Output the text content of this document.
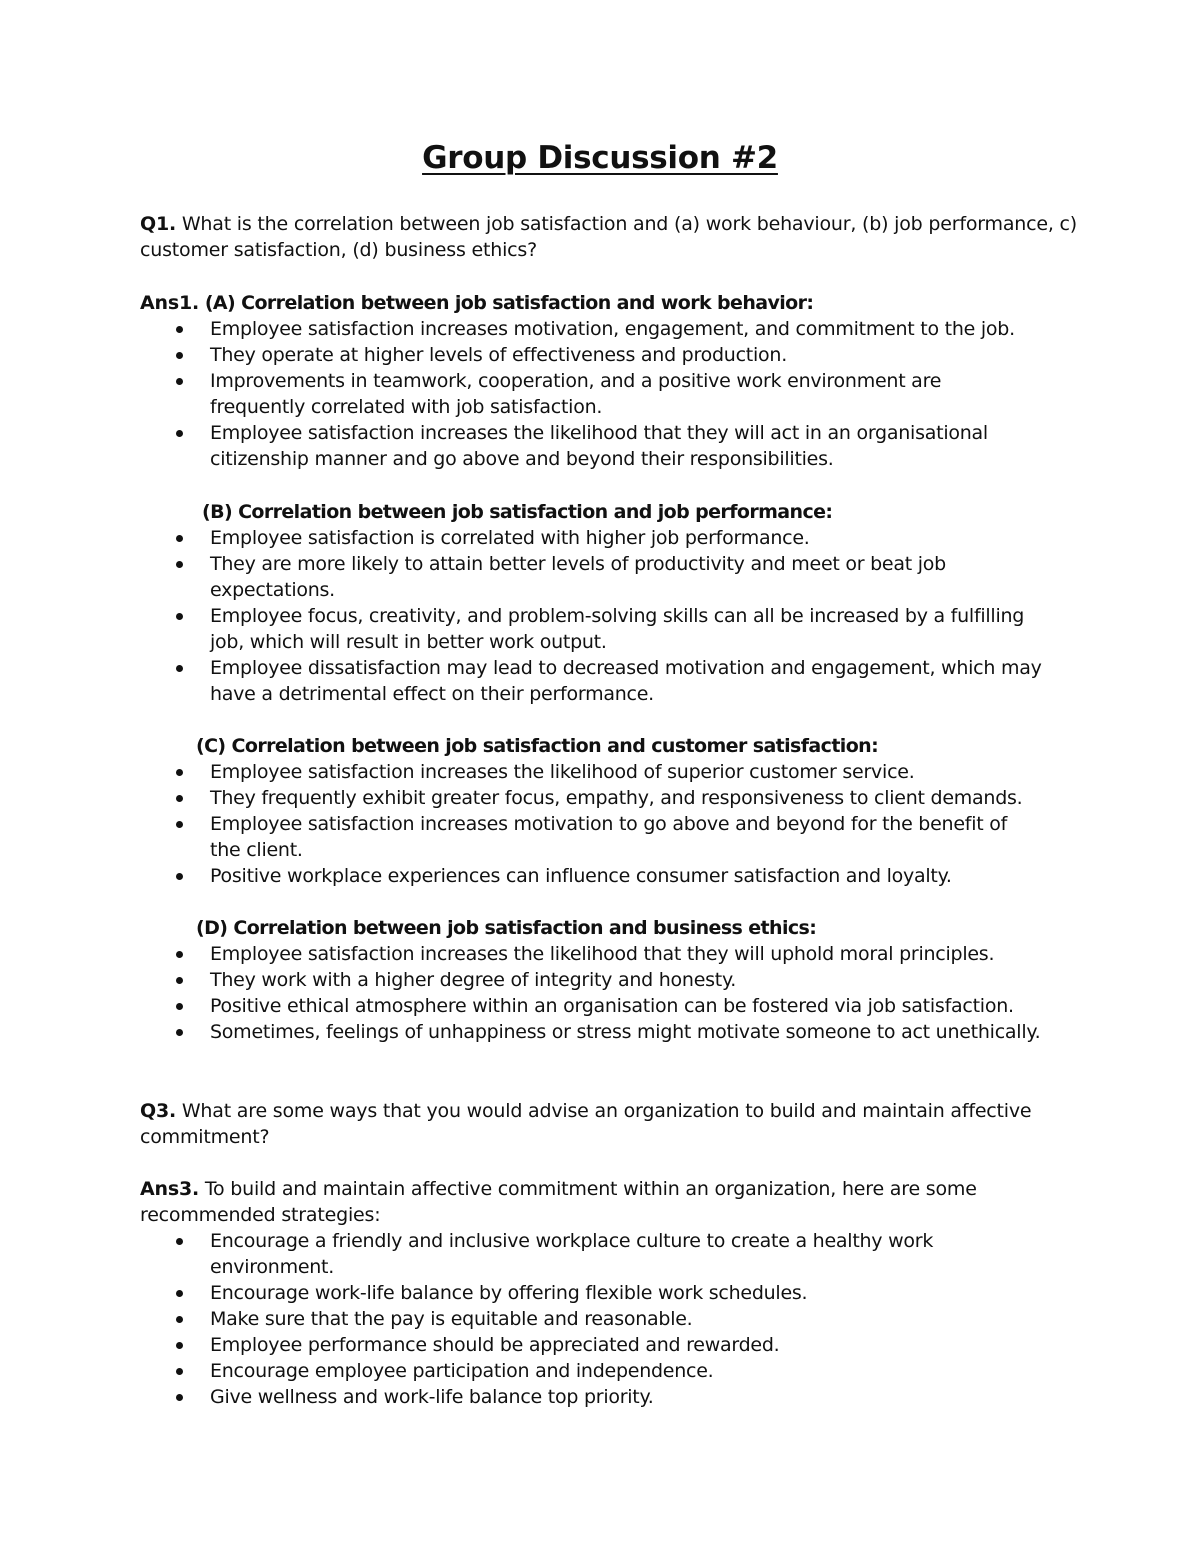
Group Discussion #2
Q1. What is the correlation between job satisfaction and (a) work behaviour, (b) job performance, c) customer satisfaction, (d) business ethics?
Ans1. (A) Correlation between job satisfaction and work behavior:
Employee satisfaction increases motivation, engagement, and commitment to the job.
They operate at higher levels of effectiveness and production.
Improvements in teamwork, cooperation, and a positive work environment are frequently correlated with job satisfaction.
Employee satisfaction increases the likelihood that they will act in an organisational citizenship manner and go above and beyond their responsibilities.
(B) Correlation between job satisfaction and job performance:
Employee satisfaction is correlated with higher job performance.
They are more likely to attain better levels of productivity and meet or beat job expectations.
Employee focus, creativity, and problem-solving skills can all be increased by a fulfilling job, which will result in better work output.
Employee dissatisfaction may lead to decreased motivation and engagement, which may have a detrimental effect on their performance.
(C) Correlation between job satisfaction and customer satisfaction:
Employee satisfaction increases the likelihood of superior customer service.
They frequently exhibit greater focus, empathy, and responsiveness to client demands.
Employee satisfaction increases motivation to go above and beyond for the benefit of the client.
Positive workplace experiences can influence consumer satisfaction and loyalty.
(D) Correlation between job satisfaction and business ethics:
Employee satisfaction increases the likelihood that they will uphold moral principles.
They work with a higher degree of integrity and honesty.
Positive ethical atmosphere within an organisation can be fostered via job satisfaction.
Sometimes, feelings of unhappiness or stress might motivate someone to act unethically.
Q3. What are some ways that you would advise an organization to build and maintain affective commitment?
Ans3. To build and maintain affective commitment within an organization, here are some recommended strategies:
Encourage a friendly and inclusive workplace culture to create a healthy work environment.
Encourage work-life balance by offering flexible work schedules.
Make sure that the pay is equitable and reasonable.
Employee performance should be appreciated and rewarded.
Encourage employee participation and independence.
Give wellness and work-life balance top priority.
